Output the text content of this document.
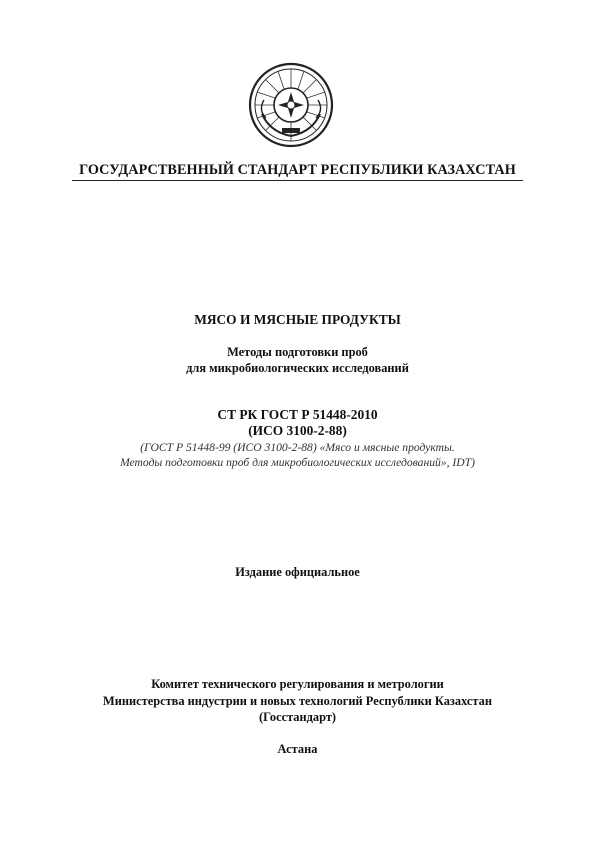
ГОСУДАРСТВЕННЫЙ СТАНДАРТ РЕСПУБЛИКИ КАЗАХСТАН
МЯСО И МЯСНЫЕ ПРОДУКТЫ
Методы подготовки проб
для микробиологических исследований
СТ РК ГОСТ Р 51448-2010
(ИСО 3100-2-88)
(ГОСТ Р 51448-99 (ИСО 3100-2-88) «Мясо и мясные продукты.
Методы подготовки проб для микробиологических исследований», IDT)
Издание официальное
Комитет технического регулирования и метрологии
Министерства индустрии и новых технологий Республики Казахстан
(Госстандарт)
Астана
